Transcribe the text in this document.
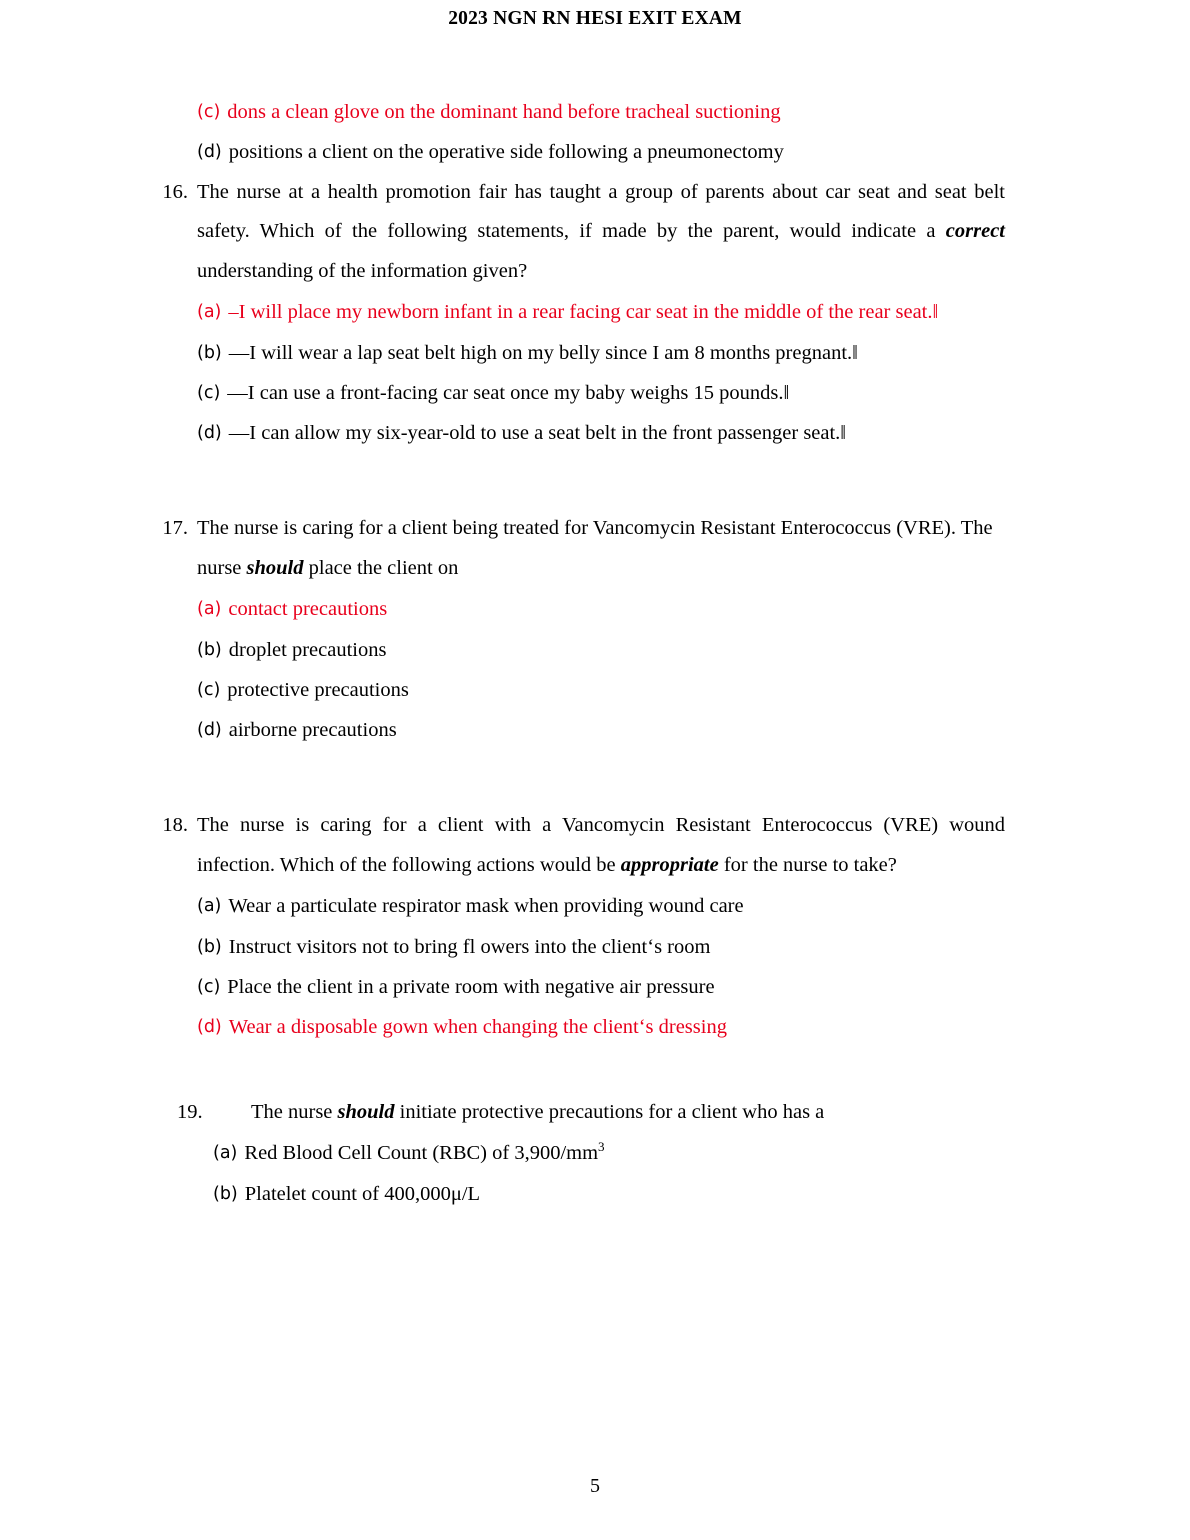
2023 NGN RN HESI EXIT EXAM
(c) dons a clean glove on the dominant hand before tracheal suctioning
(d) positions a client on the operative side following a pneumonectomy
16. The nurse at a health promotion fair has taught a group of parents about car seat and seat belt safety. Which of the following statements, if made by the parent, would indicate a correct understanding of the information given?
(a) –I will place my newborn infant in a rear facing car seat in the middle of the rear seat.‖
(b) —I will wear a lap seat belt high on my belly since I am 8 months pregnant.‖
(c) —I can use a front-facing car seat once my baby weighs 15 pounds.‖
(d) —I can allow my six-year-old to use a seat belt in the front passenger seat.‖
17. The nurse is caring for a client being treated for Vancomycin Resistant Enterococcus (VRE). The nurse should place the client on
(a) contact precautions
(b) droplet precautions
(c) protective precautions
(d) airborne precautions
18. The nurse is caring for a client with a Vancomycin Resistant Enterococcus (VRE) wound infection. Which of the following actions would be appropriate for the nurse to take?
(a) Wear a particulate respirator mask when providing wound care
(b) Instruct visitors not to bring fl owers into the client‘s room
(c) Place the client in a private room with negative air pressure
(d) Wear a disposable gown when changing the client‘s dressing
19.	The nurse should initiate protective precautions for a client who has a
(a) Red Blood Cell Count (RBC) of $3,900/mm^3$
(b) Platelet count of 400,000μ/L
5
